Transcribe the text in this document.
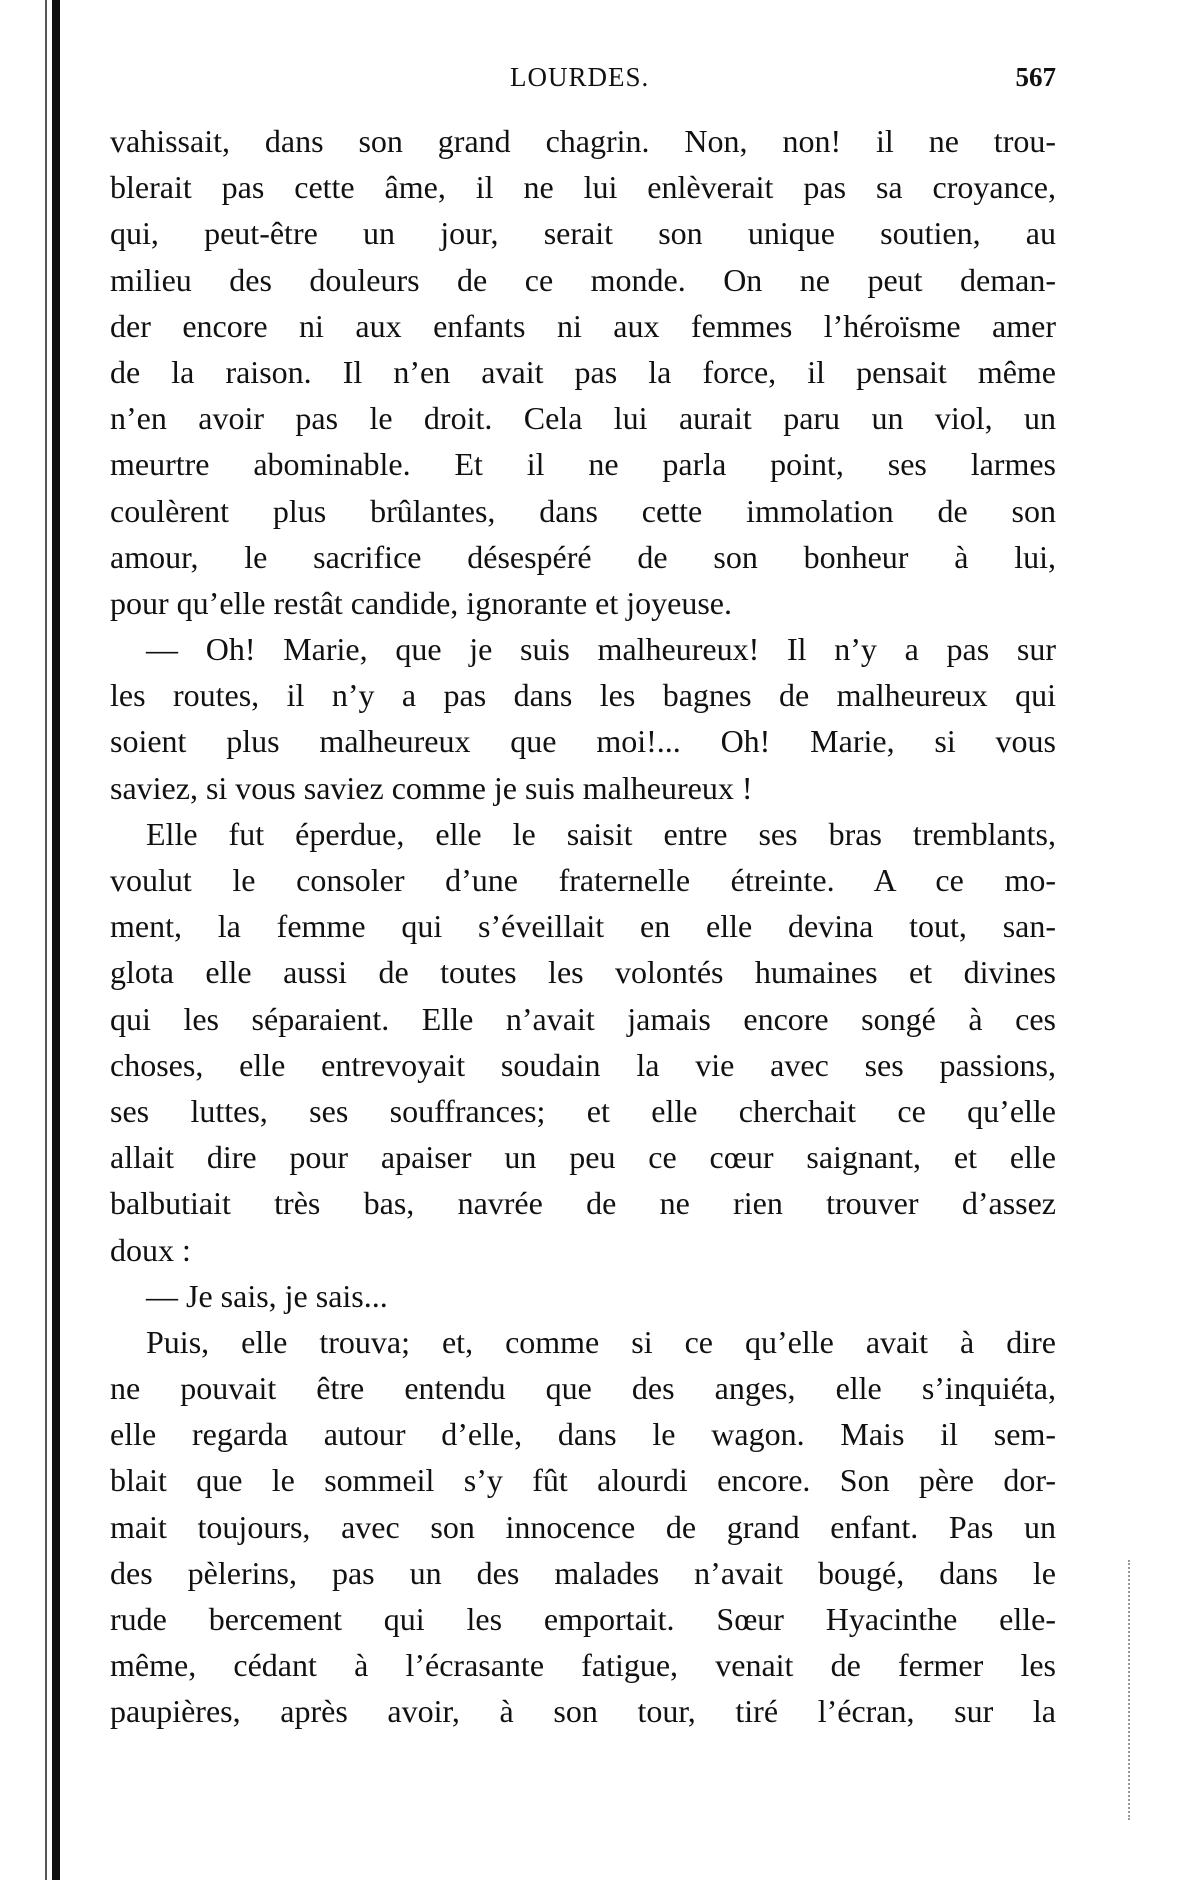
LOURDES.	567
vahissait, dans son grand chagrin. Non, non! il ne trou-
blerait pas cette âme, il ne lui enlèverait pas sa croyance,
qui, peut-être un jour, serait son unique soutien, au
milieu des douleurs de ce monde. On ne peut deman-
der encore ni aux enfants ni aux femmes l’héroïsme amer
de la raison. Il n’en avait pas la force, il pensait même
n’en avoir pas le droit. Cela lui aurait paru un viol, un
meurtre abominable. Et il ne parla point, ses larmes
coulèrent plus brûlantes, dans cette immolation de son
amour, le sacrifice désespéré de son bonheur à lui,
pour qu’elle restât candide, ignorante et joyeuse.
— Oh! Marie, que je suis malheureux! Il n’y a pas sur
les routes, il n’y a pas dans les bagnes de malheureux qui
soient plus malheureux que moi!... Oh! Marie, si vous
saviez, si vous saviez comme je suis malheureux !
Elle fut éperdue, elle le saisit entre ses bras tremblants,
voulut le consoler d’une fraternelle étreinte. A ce mo-
ment, la femme qui s’éveillait en elle devina tout, san-
glota elle aussi de toutes les volontés humaines et divines
qui les séparaient. Elle n’avait jamais encore songé à ces
choses, elle entrevoyait soudain la vie avec ses passions,
ses luttes, ses souffrances; et elle cherchait ce qu’elle
allait dire pour apaiser un peu ce cœur saignant, et elle
balbutiait très bas, navrée de ne rien trouver d’assez
doux :
— Je sais, je sais...
Puis, elle trouva; et, comme si ce qu’elle avait à dire
ne pouvait être entendu que des anges, elle s’inquiéta,
elle regarda autour d’elle, dans le wagon. Mais il sem-
blait que le sommeil s’y fût alourdi encore. Son père dor-
mait toujours, avec son innocence de grand enfant. Pas un
des pèlerins, pas un des malades n’avait bougé, dans le
rude bercement qui les emportait. Sœur Hyacinthe elle-
même, cédant à l’écrasante fatigue, venait de fermer les
paupières, après avoir, à son tour, tiré l’écran, sur la
